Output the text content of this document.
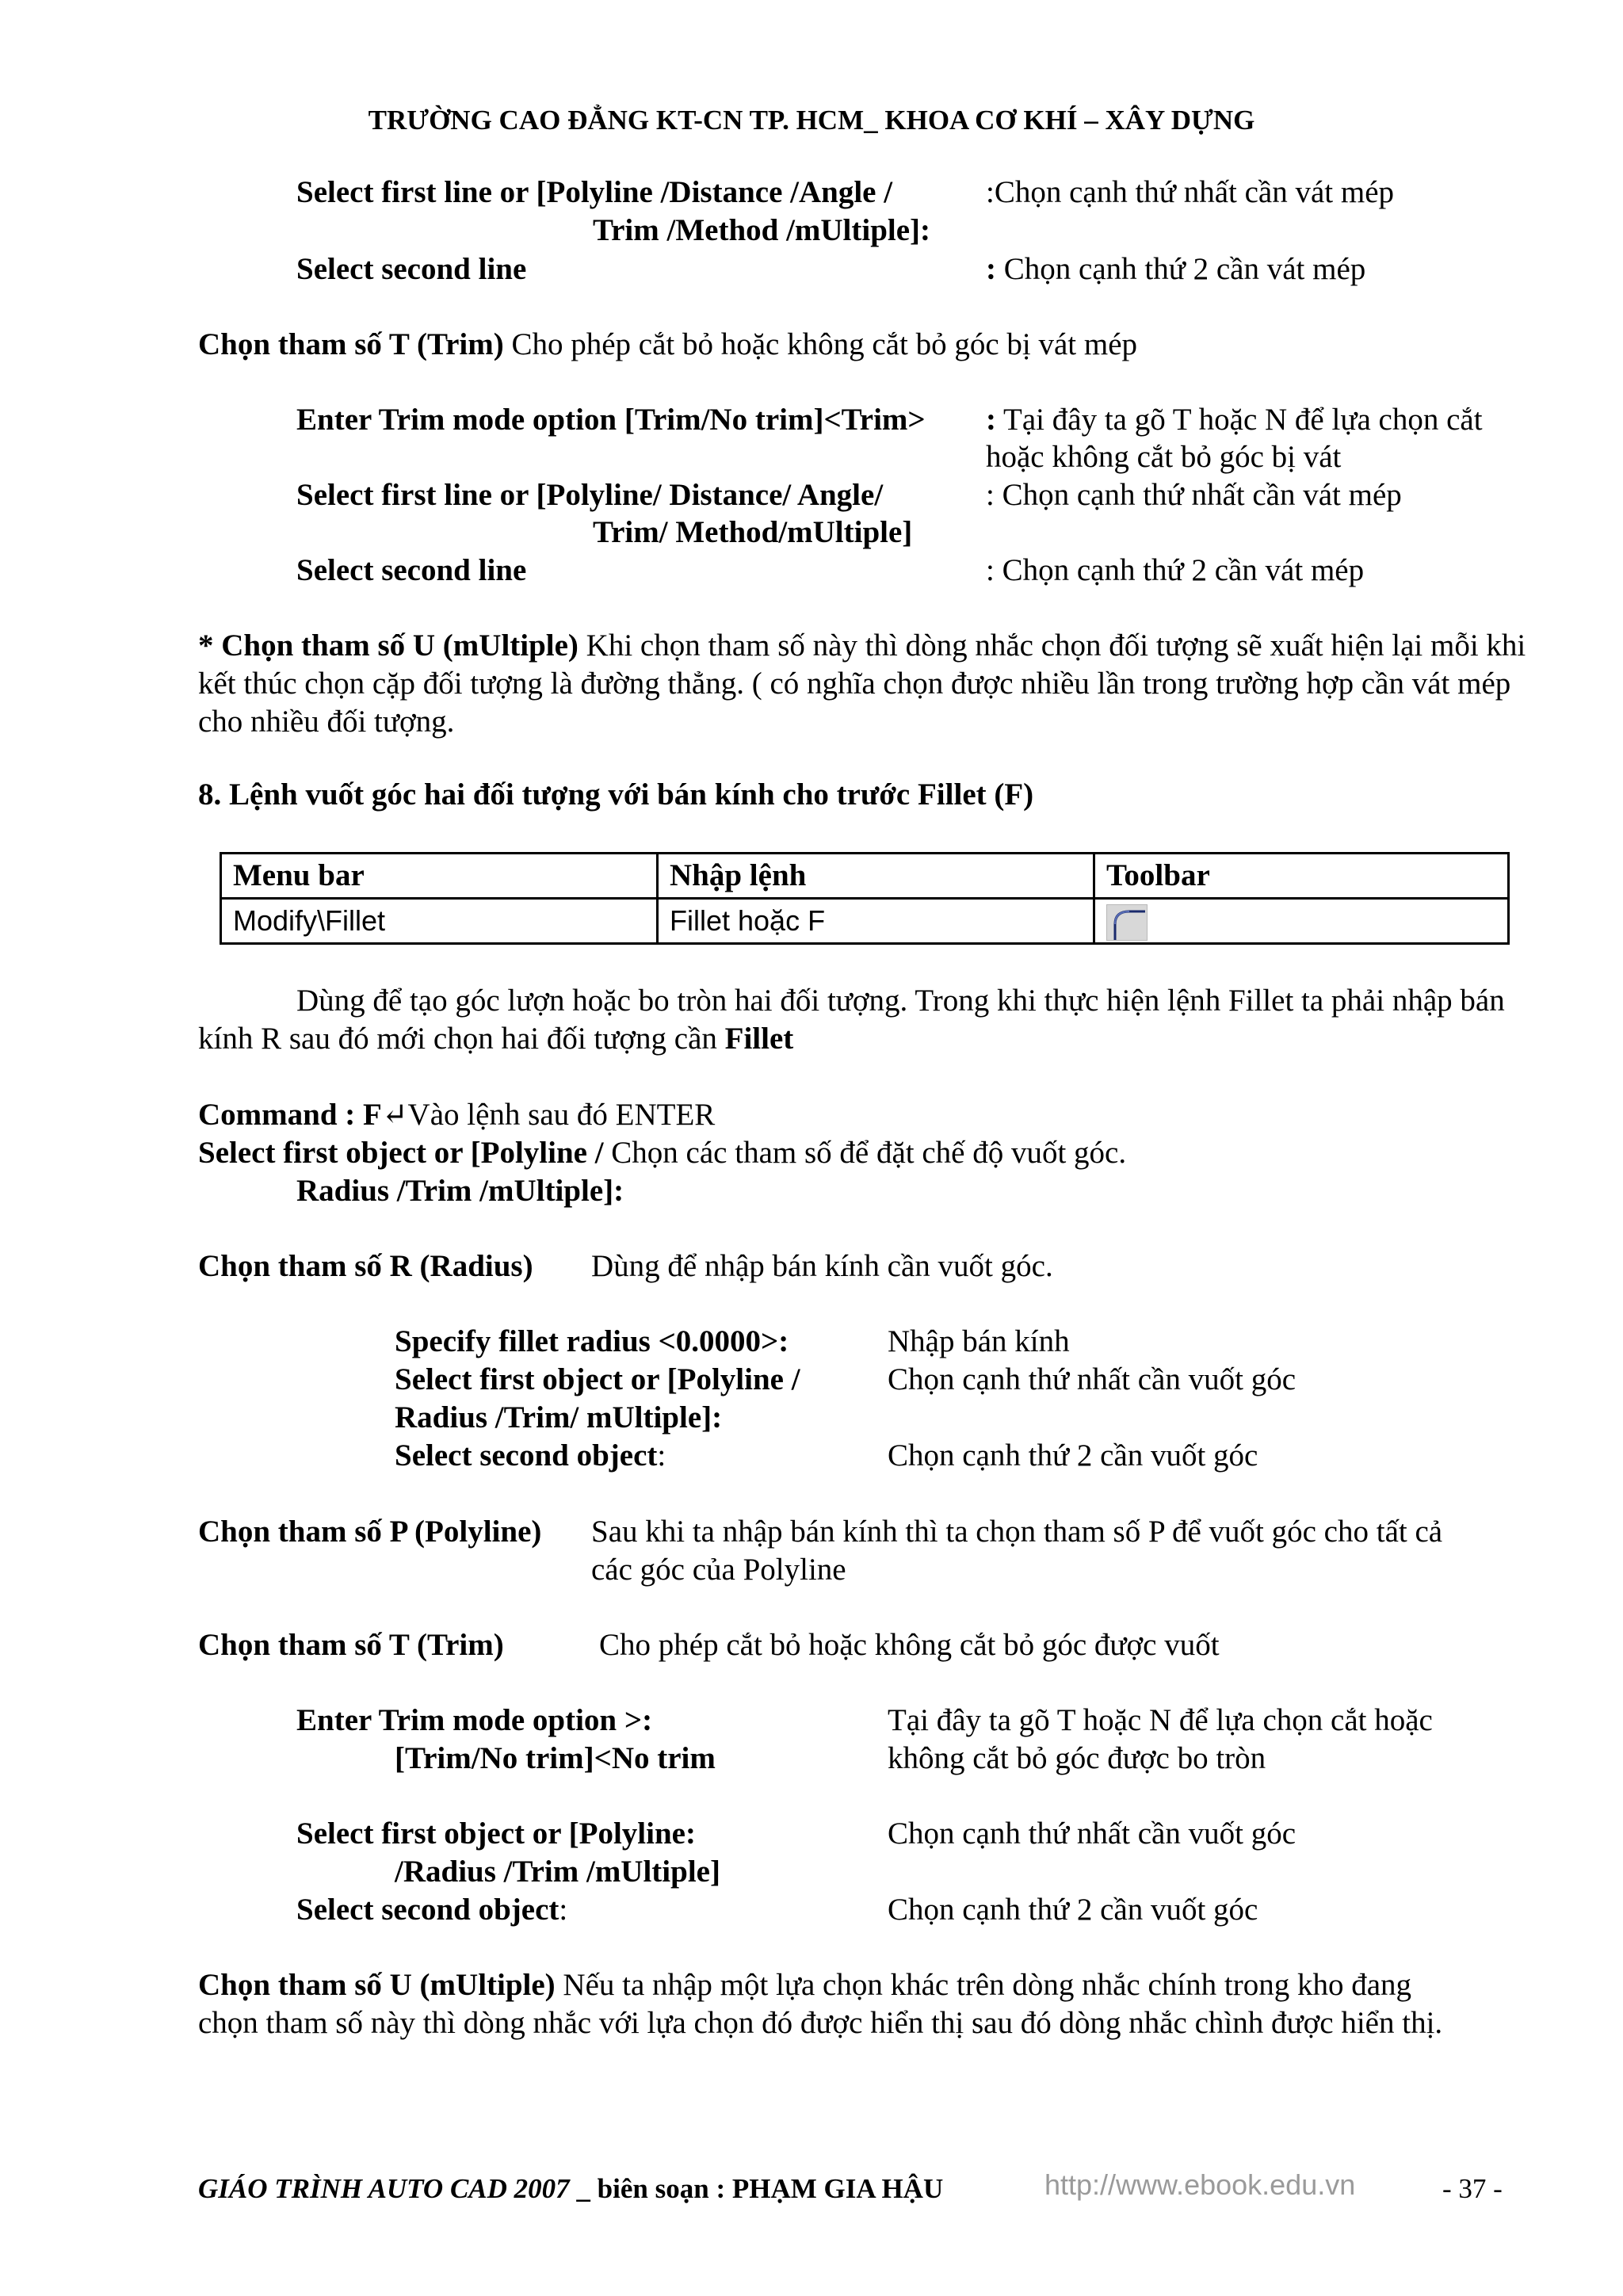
TRƯỜNG CAO ĐẲNG KT-CN TP. HCM_ KHOA CƠ KHÍ – XÂY DỰNG
Select first line or [Polyline /Distance /Angle /	:Chọn cạnh thứ nhất cần vát mép
Trim /Method /mUltiple]:
Select second line	: Chọn cạnh thứ 2 cần vát mép
Chọn tham số T (Trim) Cho phép cắt bỏ hoặc không cắt bỏ góc bị vát mép
Enter Trim mode option [Trim/No trim]<Trim> : Tại đây ta gõ T hoặc N để lựa chọn cắt
hoặc không cắt bỏ góc bị vát
Select first line or [Polyline/ Distance/ Angle/	: Chọn cạnh thứ nhất cần vát mép
Trim/ Method/mUltiple]
Select second line	: Chọn cạnh thứ 2 cần vát mép
* Chọn tham số U (mUltiple) Khi chọn tham số này thì dòng nhắc chọn đối tượng sẽ xuất hiện lại mỗi khi kết thúc chọn cặp đối tượng là đường thẳng. ( có nghĩa chọn được nhiều lần trong trường hợp cần vát mép cho nhiều đối tượng.
8. Lệnh vuốt góc hai đối tượng với bán kính cho trước Fillet (F)
Menu bar	Nhập lệnh	Toolbar
Modify\Fillet	Fillet hoặc F	
Dùng để tạo góc lượn hoặc bo tròn hai đối tượng. Trong khi thực hiện lệnh Fillet ta phải nhập bán kính R sau đó mới chọn hai đối tượng cần Fillet
Command : F↵Vào lệnh sau đó ENTER
Select first object or [Polyline / Chọn các tham số để đặt chế độ vuốt góc.
Radius /Trim /mUltiple]:
Chọn tham số R (Radius) Dùng để nhập bán kính cần vuốt góc.
Specify fillet radius <0.0000>:	Nhập bán kính
Select first object or [Polyline /	Chọn cạnh thứ nhất cần vuốt góc
Radius /Trim/ mUltiple]:
Select second object:	Chọn cạnh thứ 2 cần vuốt góc
Chọn tham số P (Polyline) Sau khi ta nhập bán kính thì ta chọn tham số P để vuốt góc cho tất cả
các góc của Polyline
Chọn tham số T (Trim)	Cho phép cắt bỏ hoặc không cắt bỏ góc được vuốt
Enter Trim mode option >:	Tại đây ta gõ T hoặc N để lựa chọn cắt hoặc
[Trim/No trim]<No trim	không cắt bỏ góc được bo tròn
Select first object or [Polyline:	Chọn cạnh thứ nhất cần vuốt góc
/Radius /Trim /mUltiple]
Select second object:	Chọn cạnh thứ 2 cần vuốt góc
Chọn tham số U (mUltiple) Nếu ta nhập một lựa chọn khác trên dòng nhắc chính trong kho đang
chọn tham số này thì dòng nhắc với lựa chọn đó được hiển thị sau đó dòng nhắc chình được hiển thị.
GIÁO TRÌNH AUTO CAD 2007 _ biên soạn : PHẠM GIA HẬU	http://www.ebook.edu.vn	- 37 -
